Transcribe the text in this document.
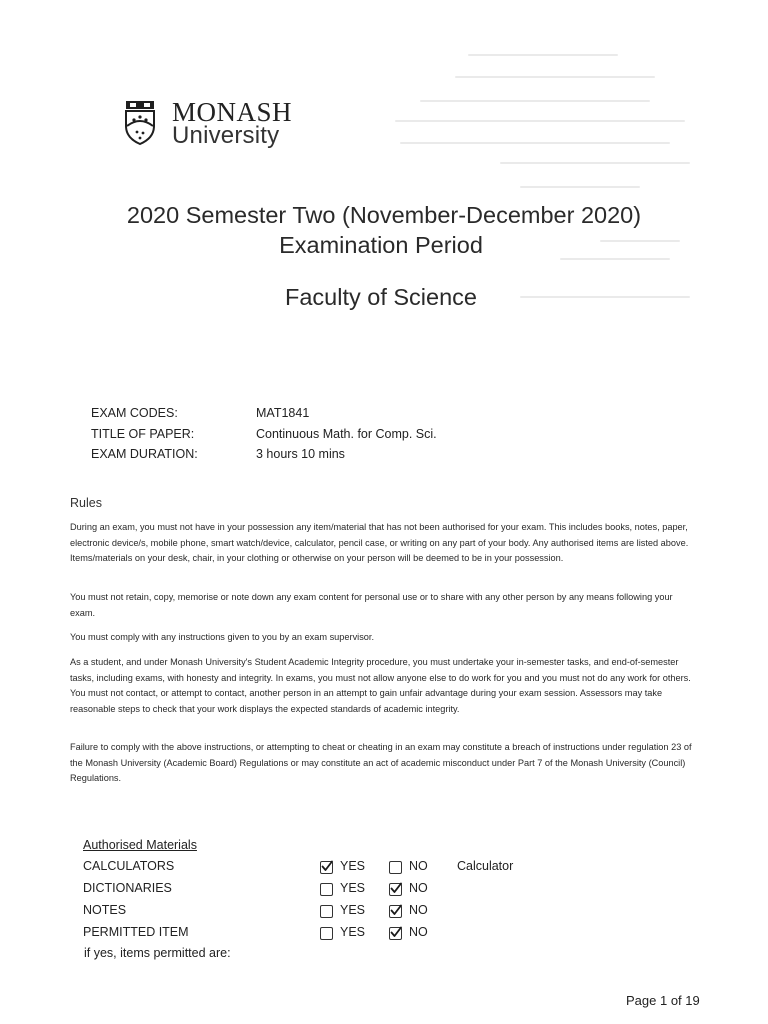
MONASH
University
2020 Semester Two (November-December 2020)
Examination Period
Faculty of Science
EXAM CODES:	MAT1841
TITLE OF PAPER:	Continuous Math. for Comp. Sci.
EXAM DURATION:	3 hours 10 mins
Rules
During an exam, you must not have in your possession any item/material that has not been authorised for your exam. This includes books, notes, paper, electronic device/s, mobile phone, smart watch/device, calculator, pencil case, or writing on any part of your body. Any authorised items are listed above. Items/materials on your desk, chair, in your clothing or otherwise on your person will be deemed to be in your possession.
You must not retain, copy, memorise or note down any exam content for personal use or to share with any other person by any means following your exam.
You must comply with any instructions given to you by an exam supervisor.
As a student, and under Monash University's Student Academic Integrity procedure, you must undertake your in-semester tasks, and end-of-semester tasks, including exams, with honesty and integrity. In exams, you must not allow anyone else to do work for you and you must not do any work for others. You must not contact, or attempt to contact, another person in an attempt to gain unfair advantage during your exam session. Assessors may take reasonable steps to check that your work displays the expected standards of academic integrity.
Failure to comply with the above instructions, or attempting to cheat or cheating in an exam may constitute a breach of instructions under regulation 23 of the Monash University (Academic Board) Regulations or may constitute an act of academic misconduct under Part 7 of the Monash University (Council) Regulations.
Authorised Materials
CALCULATORS	YES	NO Calculator
DICTIONARIES	YES	NO
NOTES	YES	NO
PERMITTED ITEM	YES	NO
if yes, items permitted are:
Page 1 of 19
